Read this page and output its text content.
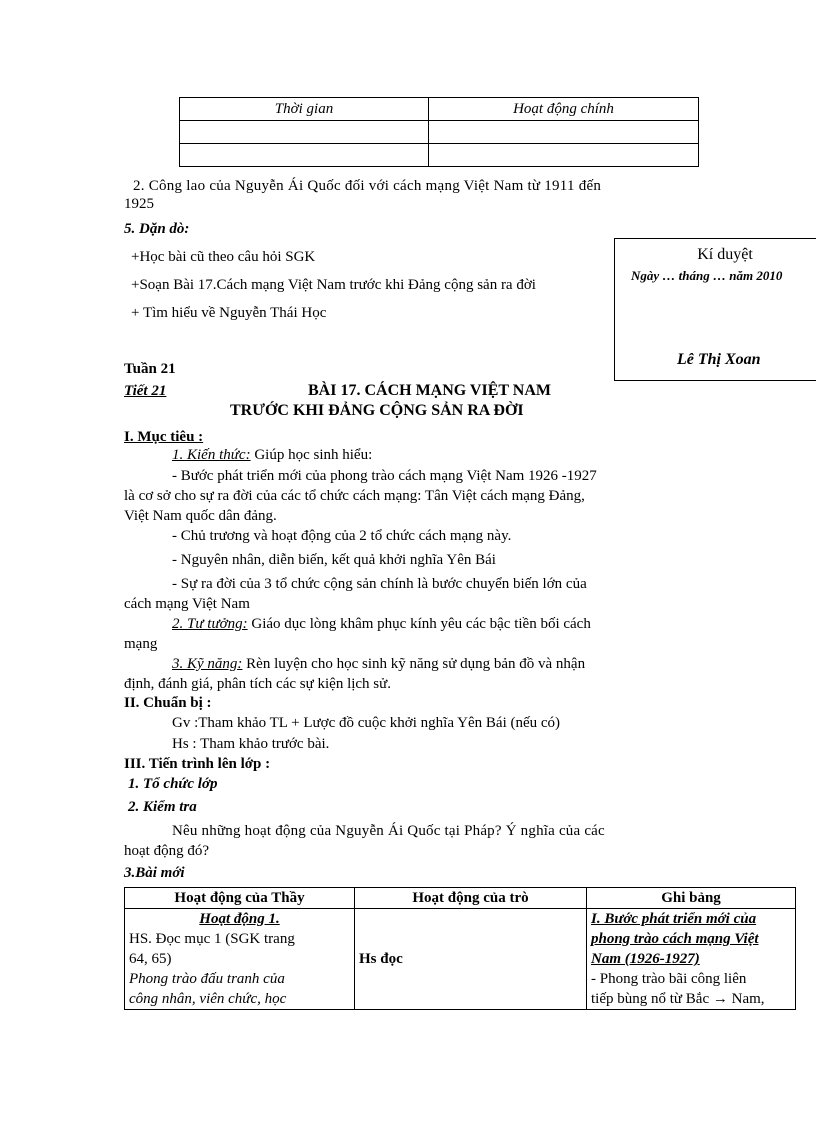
Thời gian	Hoạt động chính

2. Công lao của Nguyễn Ái Quốc đối với cách mạng Việt Nam từ 1911 đến
1925
5. Dặn dò:
+Học bài cũ theo câu hỏi SGK
+Soạn Bài 17.Cách mạng Việt Nam trước khi Đảng cộng sản ra đời
+ Tìm hiểu về Nguyễn Thái Học
Kí duyệt
Ngày … tháng … năm 2010
Lê Thị Xoan
Tuần 21
Tiết 21	BÀI 17. CÁCH MẠNG VIỆT NAM
TRƯỚC KHI ĐẢNG CỘNG SẢN RA ĐỜI
I. Mục tiêu :
1. Kiến thức: Giúp học sinh hiểu:
- Bước phát triển mới của phong trào cách mạng Việt Nam 1926 -1927
là cơ sở cho sự ra đời của các tổ chức cách mạng: Tân Việt cách mạng Đảng,
Việt Nam quốc dân đảng.
- Chủ trương và hoạt động của 2 tổ chức cách mạng này.
- Nguyên nhân, diễn biến, kết quả khởi nghĩa Yên Bái
- Sự ra đời của 3 tổ chức cộng sản chính là bước chuyển biến lớn của
cách mạng Việt Nam
2. Tư tưởng: Giáo dục lòng khâm phục kính yêu các bậc tiền bối cách
mạng
3. Kỹ năng: Rèn luyện cho học sinh kỹ năng sử dụng bản đồ và nhận
định, đánh giá, phân tích các sự kiện lịch sử.
II. Chuẩn bị :
Gv :Tham khảo TL + Lược đồ cuộc khởi nghĩa Yên Bái (nếu có)
Hs : Tham khảo trước bài.
III. Tiến trình lên lớp :
1. Tổ chức lớp
2. Kiểm tra
Nêu những hoạt động của Nguyễn Ái Quốc tại Pháp? Ý nghĩa của các
hoạt động đó?
3.Bài mới
Hoạt động của Thầy	Hoạt động của trò	Ghi bảng

Hoạt động 1.
HS. Đọc mục 1 (SGK trang
64, 65)
Phong trào đấu tranh của
công nhân, viên chức, học	Hs đọc	I. Bước phát triển mới của
phong trào cách mạng Việt
Nam (1926-1927)
- Phong trào bãi công liên
tiếp bùng nổ từ Bắc → Nam,
